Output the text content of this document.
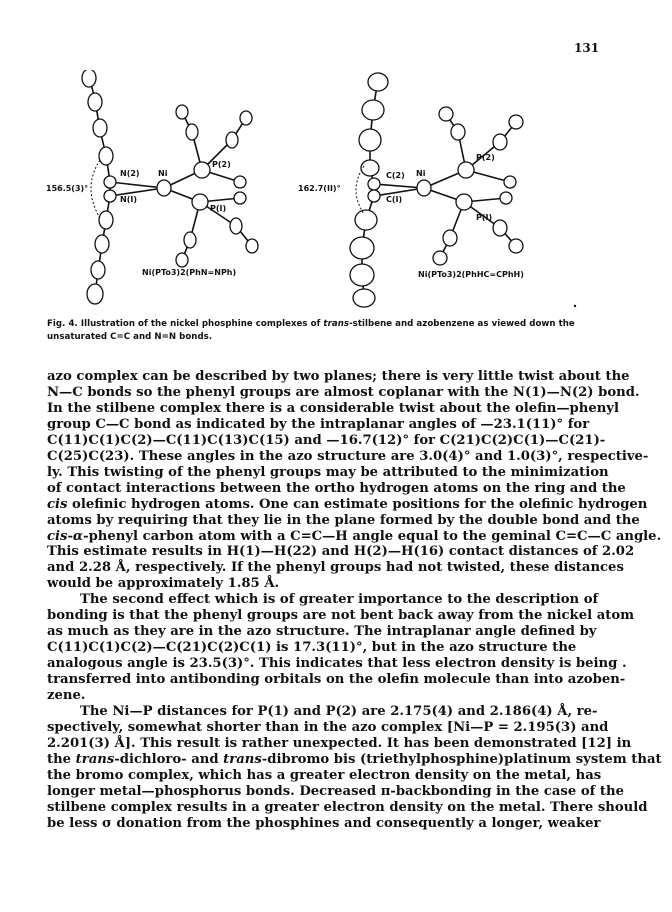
131
156.5(3)°
N(2)
N(I)
Ni
P(2)
P(I)
Ni(PTo3)2(PhN=NPh)
162.7(II)°
C(2)
C(I)
Ni
P(2)
P(I)
Ni(PTo3)2(PhHC=CPhH)
Fig. 4. Illustration of the nickel phosphine complexes of trans-stilbene and azobenzene as viewed down the unsaturated C=C and N=N bonds.

azo complex can be described by two planes; there is very little twist about the
N—C bonds so the phenyl groups are almost coplanar with the N(1)—N(2) bond.
In the stilbene complex there is a considerable twist about the olefin—phenyl
group C—C bond as indicated by the intraplanar angles of —23.1(11)° for
C(11)C(1)C(2)—C(11)C(13)C(15) and —16.7(12)° for C(21)C(2)C(1)—C(21)-
C(25)C(23). These angles in the azo structure are 3.0(4)° and 1.0(3)°, respective-
ly. This twisting of the phenyl groups may be attributed to the minimization
of contact interactions between the ortho hydrogen atoms on the ring and the
cis olefinic hydrogen atoms. One can estimate positions for the olefinic hydrogen
atoms by requiring that they lie in the plane formed by the double bond and the
cis-α-phenyl carbon atom with a C=C—H angle equal to the geminal C=C—C angle.
This estimate results in H(1)—H(22) and H(2)—H(16) contact distances of 2.02
and 2.28 Å, respectively. If the phenyl groups had not twisted, these distances
would be approximately 1.85 Å.

The second effect which is of greater importance to the description of
bonding is that the phenyl groups are not bent back away from the nickel atom
as much as they are in the azo structure. The intraplanar angle defined by
C(11)C(1)C(2)—C(21)C(2)C(1) is 17.3(11)°, but in the azo structure the
analogous angle is 23.5(3)°. This indicates that less electron density is being .
transferred into antibonding orbitals on the olefin molecule than into azoben-
zene.

The Ni—P distances for P(1) and P(2) are 2.175(4) and 2.186(4) Å, re-
spectively, somewhat shorter than in the azo complex [Ni—P = 2.195(3) and
2.201(3) Å]. This result is rather unexpected. It has been demonstrated [12] in
the trans-dichloro- and trans-dibromo bis (triethylphosphine)platinum system that
the bromo complex, which has a greater electron density on the metal, has
longer metal—phosphorus bonds. Decreased π-backbonding in the case of the
stilbene complex results in a greater electron density on the metal. There should
be less σ donation from the phosphines and consequently a longer, weaker
